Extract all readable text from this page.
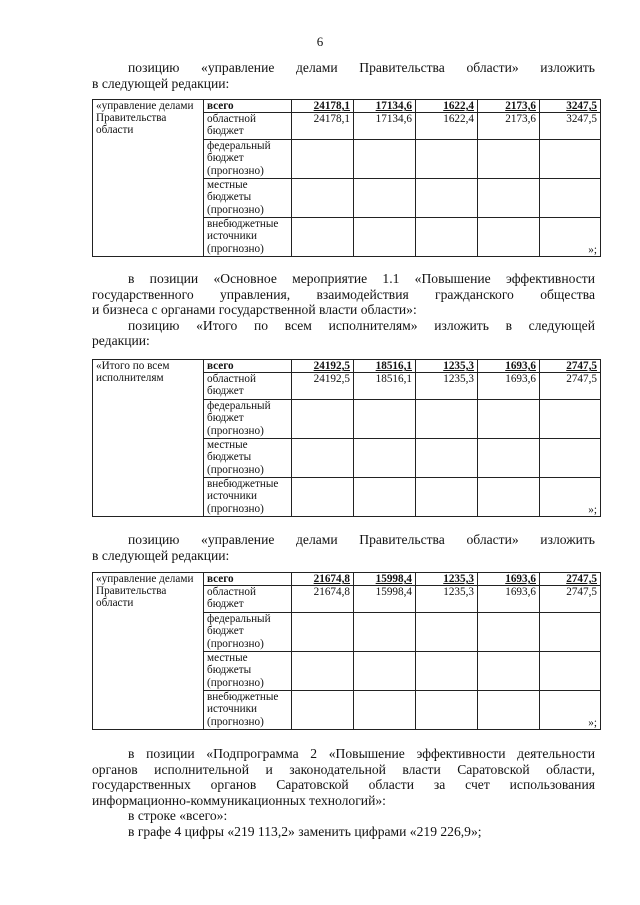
6
позицию «управление делами Правительства области» изложить
в следующей редакции:
«управление делами Правительства области	всего	24178,1	17134,6	1622,4	2173,6	3247,5
	областной бюджет	24178,1	17134,6	1622,4	2173,6	3247,5
	федеральный бюджет (прогнозно)					
	местные бюджеты (прогнозно)					
	внебюджетные источники (прогнозно)					»;
в позиции «Основное мероприятие 1.1 «Повышение эффективности
государственного управления, взаимодействия гражданского общества
и бизнеса с органами государственной власти области»:
позицию «Итого по всем исполнителям» изложить в следующей
редакции:
«Итого по всем исполнителям	всего	24192,5	18516,1	1235,3	1693,6	2747,5
	областной бюджет	24192,5	18516,1	1235,3	1693,6	2747,5
	федеральный бюджет (прогнозно)					
	местные бюджеты (прогнозно)					
	внебюджетные источники (прогнозно)					»;
позицию «управление делами Правительства области» изложить
в следующей редакции:
«управление делами Правительства области	всего	21674,8	15998,4	1235,3	1693,6	2747,5
	областной бюджет	21674,8	15998,4	1235,3	1693,6	2747,5
	федеральный бюджет (прогнозно)					
	местные бюджеты (прогнозно)					
	внебюджетные источники (прогнозно)					»;
в позиции «Подпрограмма 2 «Повышение эффективности деятельности
органов исполнительной и законодательной власти Саратовской области,
государственных органов Саратовской области за счет использования
информационно-коммуникационных технологий»:
в строке «всего»:
в графе 4 цифры «219 113,2» заменить цифрами «219 226,9»;
